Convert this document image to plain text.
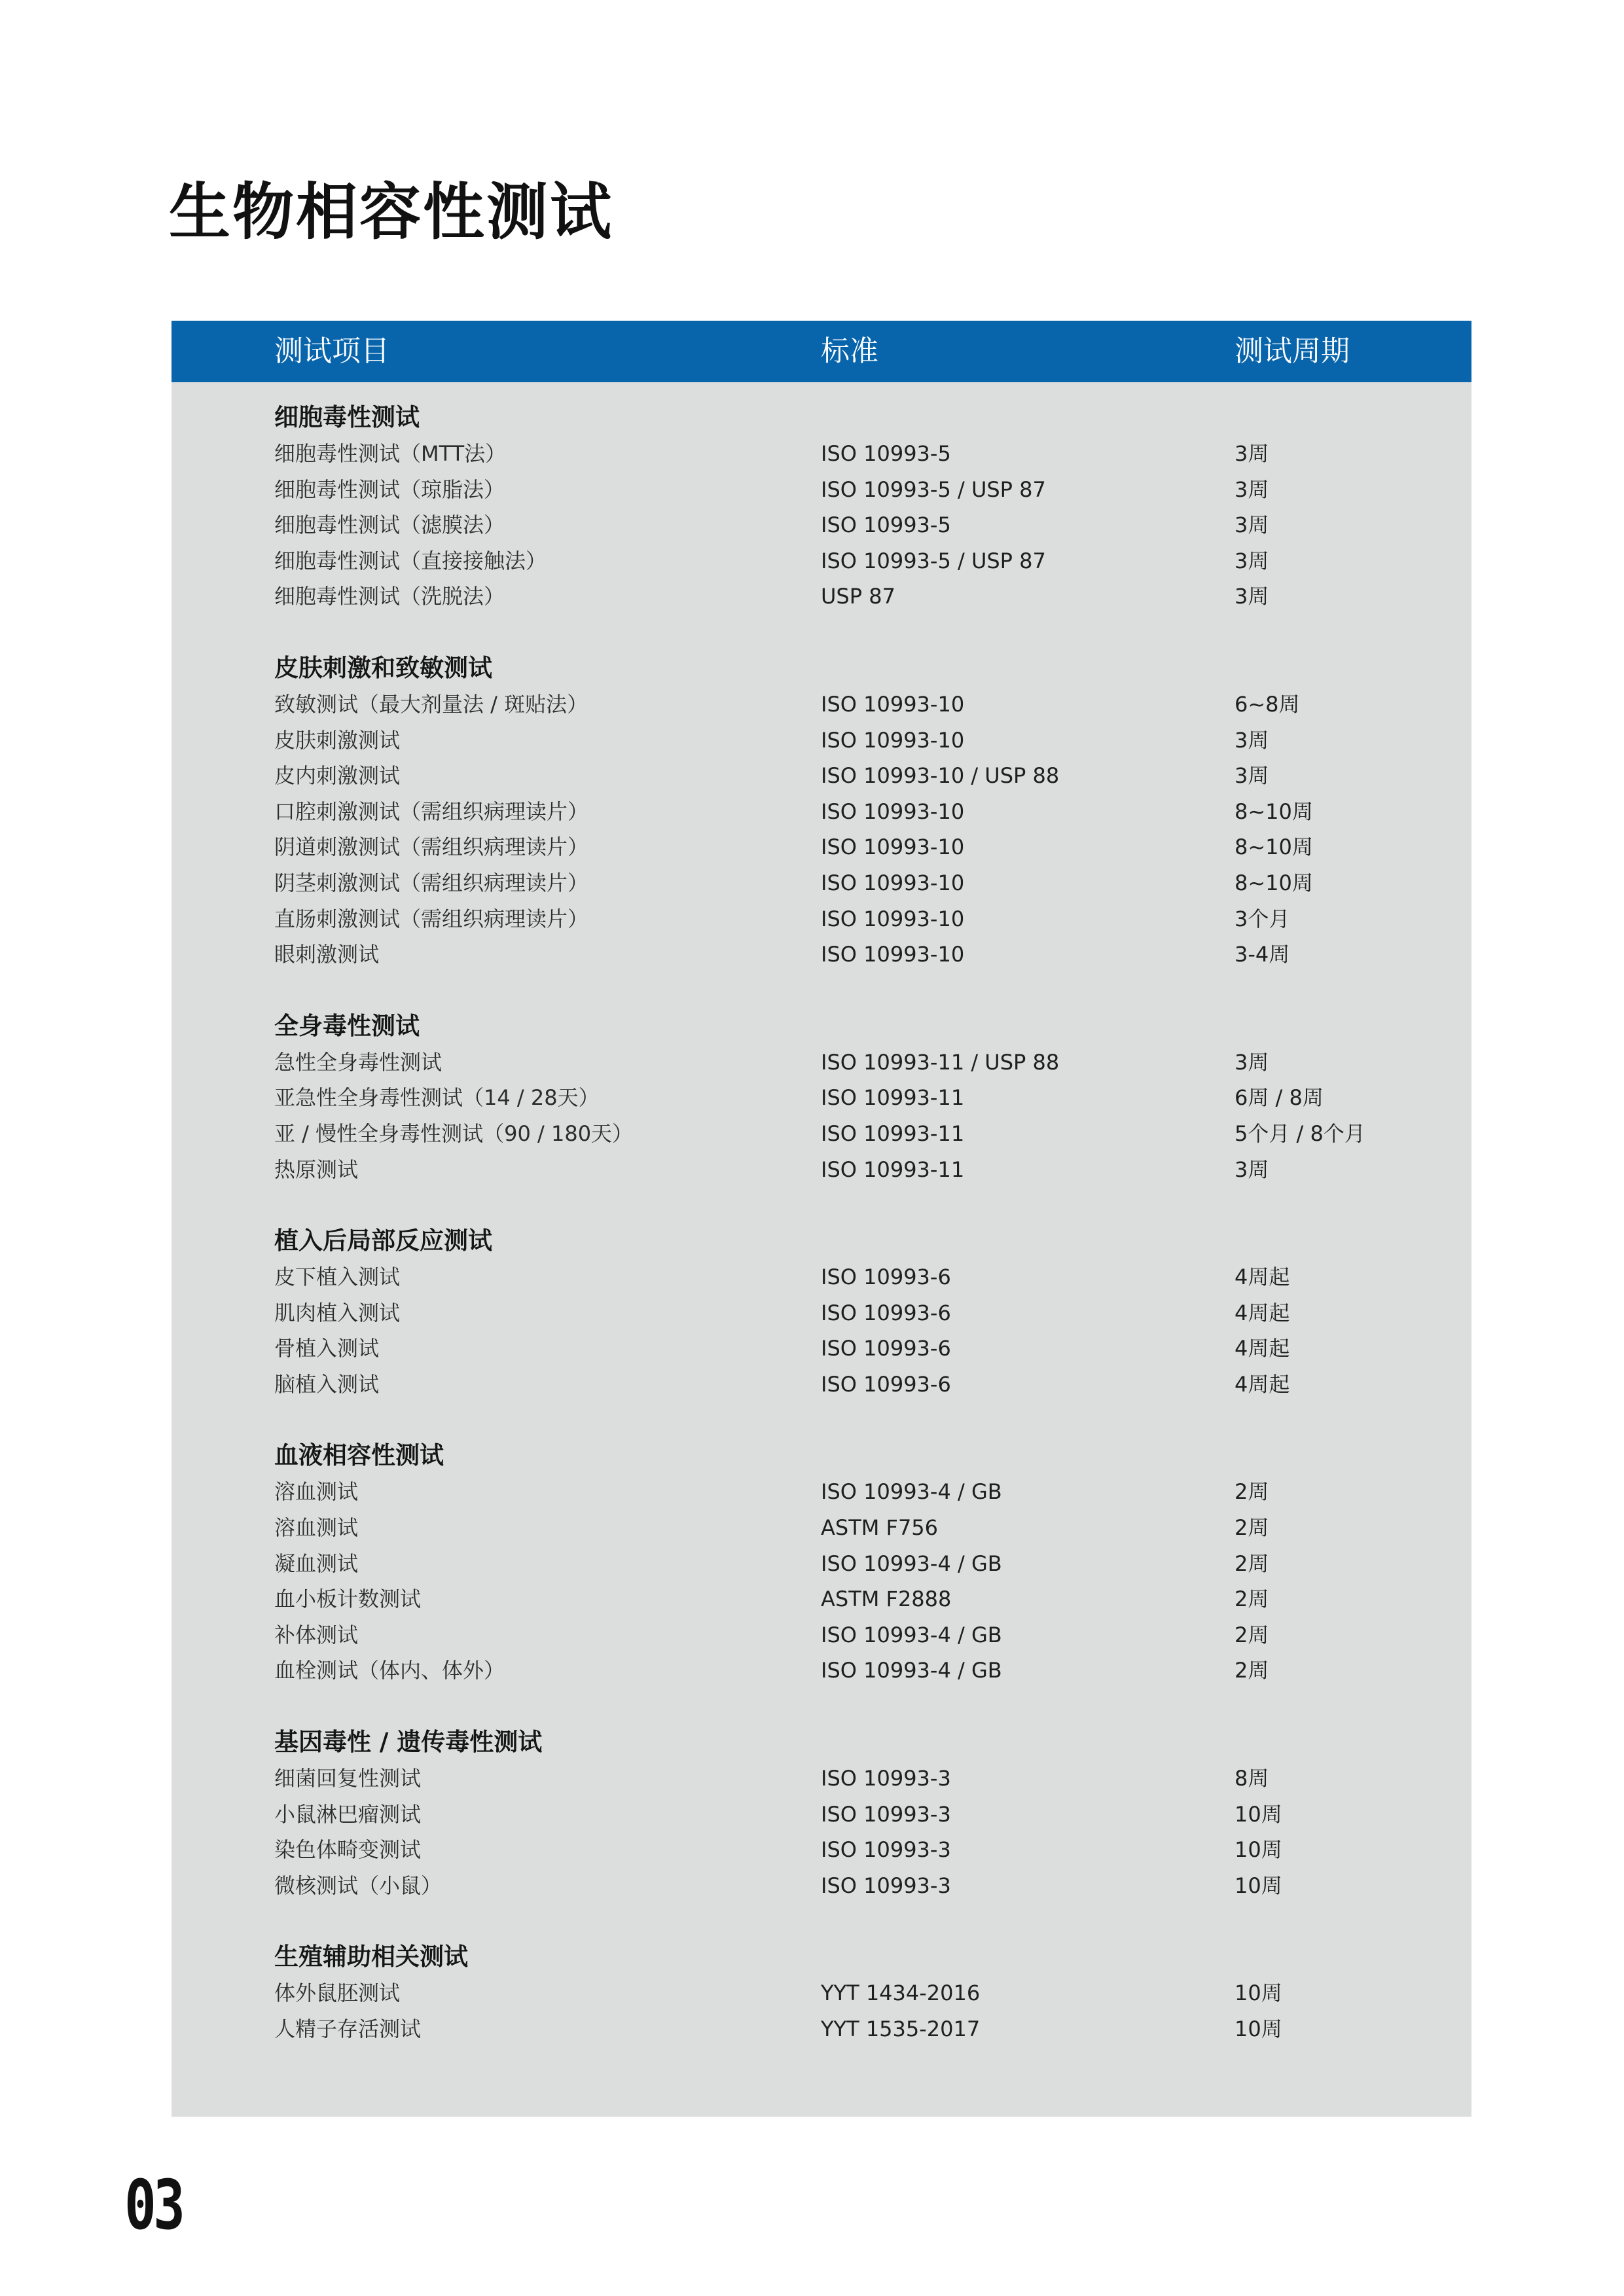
生物相容性测试
测试项目	标准	测试周期
细胞毒性测试
细胞毒性测试（MTT法）	ISO 10993-5	3周
细胞毒性测试（琼脂法）	ISO 10993-5 / USP 87	3周
细胞毒性测试（滤膜法）	ISO 10993-5	3周
细胞毒性测试（直接接触法）	ISO 10993-5 / USP 87	3周
细胞毒性测试（洗脱法）	USP 87	3周
皮肤刺激和致敏测试
致敏测试（最大剂量法 / 斑贴法）	ISO 10993-10	6~8周
皮肤刺激测试	ISO 10993-10	3周
皮内刺激测试	ISO 10993-10 / USP 88	3周
口腔刺激测试（需组织病理读片）	ISO 10993-10	8~10周
阴道刺激测试（需组织病理读片）	ISO 10993-10	8~10周
阴茎刺激测试（需组织病理读片）	ISO 10993-10	8~10周
直肠刺激测试（需组织病理读片）	ISO 10993-10	3个月
眼刺激测试	ISO 10993-10	3-4周
全身毒性测试
急性全身毒性测试	ISO 10993-11 / USP 88	3周
亚急性全身毒性测试（14 / 28天）	ISO 10993-11	6周 / 8周
亚 / 慢性全身毒性测试（90 / 180天）	ISO 10993-11	5个月 / 8个月
热原测试	ISO 10993-11	3周
植入后局部反应测试
皮下植入测试	ISO 10993-6	4周起
肌肉植入测试	ISO 10993-6	4周起
骨植入测试	ISO 10993-6	4周起
脑植入测试	ISO 10993-6	4周起
血液相容性测试
溶血测试	ISO 10993-4 / GB	2周
溶血测试	ASTM F756	2周
凝血测试	ISO 10993-4 / GB	2周
血小板计数测试	ASTM F2888	2周
补体测试	ISO 10993-4 / GB	2周
血栓测试（体内、体外）	ISO 10993-4 / GB	2周
基因毒性 / 遗传毒性测试
细菌回复性测试	ISO 10993-3	8周
小鼠淋巴瘤测试	ISO 10993-3	10周
染色体畸变测试	ISO 10993-3	10周
微核测试（小鼠）	ISO 10993-3	10周
生殖辅助相关测试
体外鼠胚测试	YYT 1434-2016	10周
人精子存活测试	YYT 1535-2017	10周
03
